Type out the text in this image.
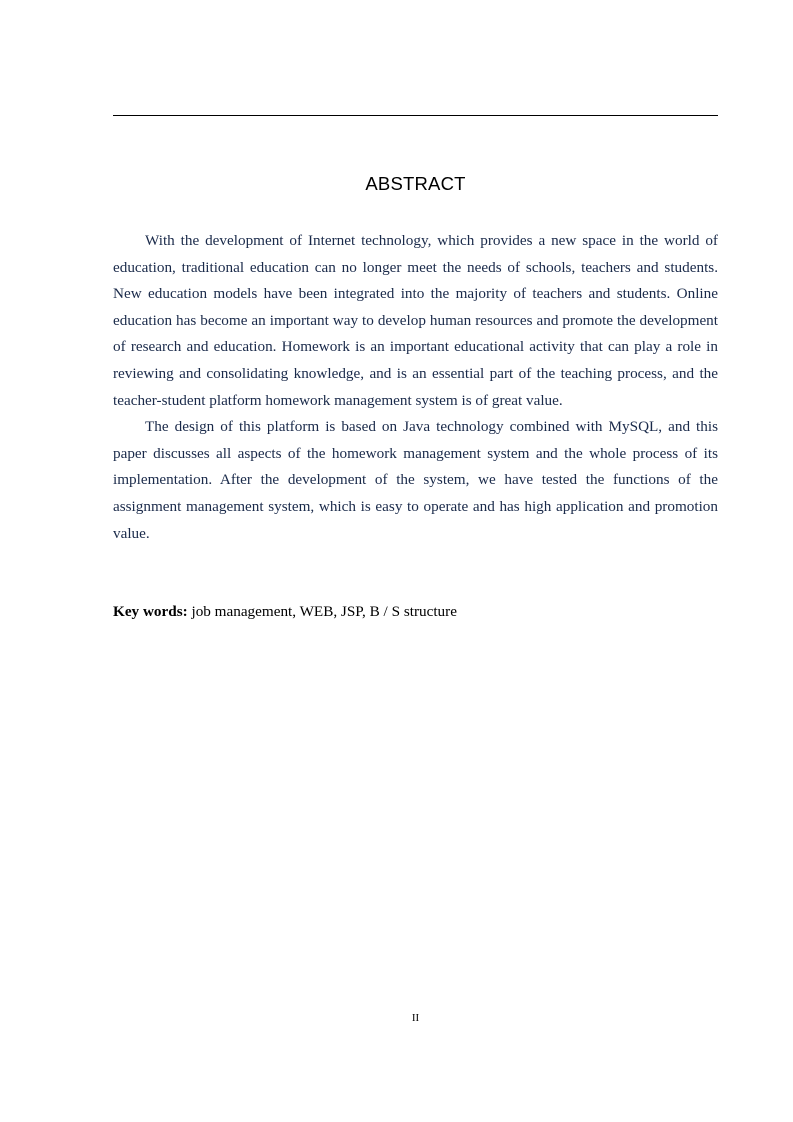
ABSTRACT

With the development of Internet technology, which provides a new space in the world of education, traditional education can no longer meet the needs of schools, teachers and students. New education models have been integrated into the majority of teachers and students. Online education has become an important way to develop human resources and promote the development of research and education. Homework is an important educational activity that can play a role in reviewing and consolidating knowledge, and is an essential part of the teaching process, and the teacher-student platform homework management system is of great value.

The design of this platform is based on Java technology combined with MySQL, and this paper discusses all aspects of the homework management system and the whole process of its implementation. After the development of the system, we have tested the functions of the assignment management system, which is easy to operate and has high application and promotion value.

Key words: job management, WEB, JSP, B / S structure
II
